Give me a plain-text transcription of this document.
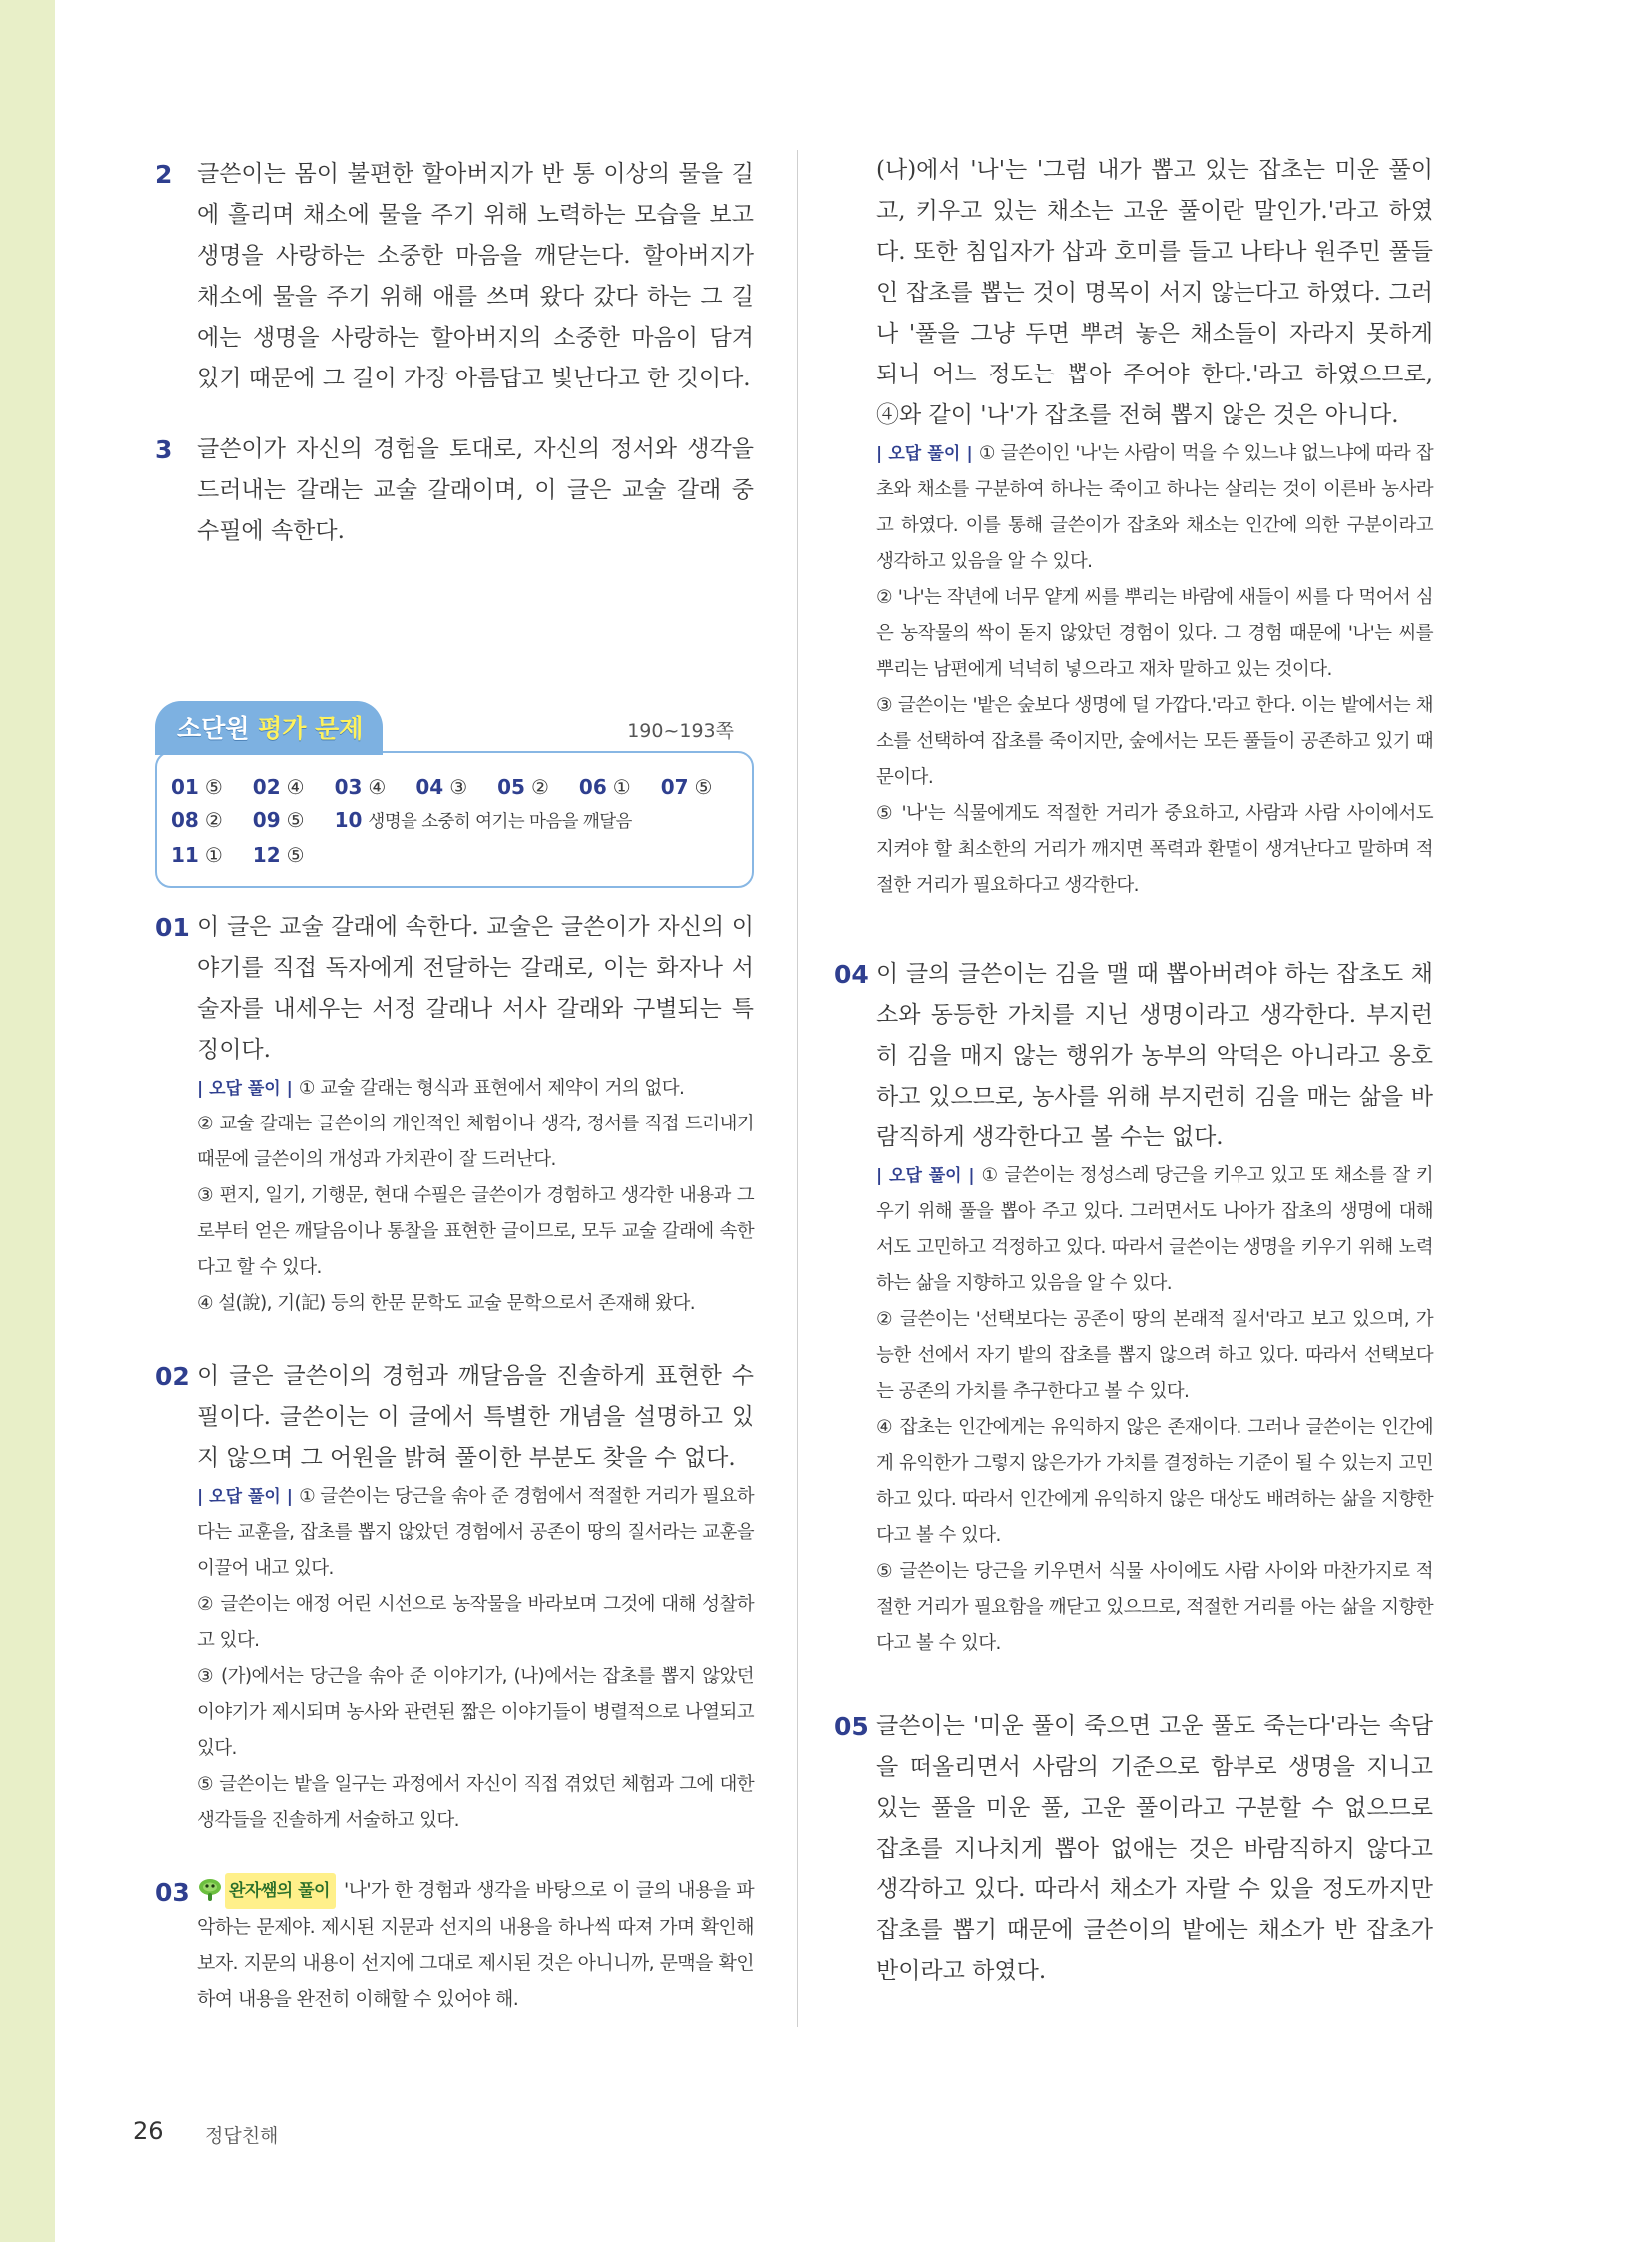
2 글쓴이는 몸이 불편한 할아버지가 반 통 이상의 물을 길에 흘리며 채소에 물을 주기 위해 노력하는 모습을 보고 생명을 사랑하는 소중한 마음을 깨닫는다. 할아버지가 채소에 물을 주기 위해 애를 쓰며 왔다 갔다 하는 그 길에는 생명을 사랑하는 할아버지의 소중한 마음이 담겨 있기 때문에 그 길이 가장 아름답고 빛난다고 한 것이다.

3 글쓴이가 자신의 경험을 토대로, 자신의 정서와 생각을 드러내는 갈래는 교술 갈래이며, 이 글은 교술 갈래 중 수필에 속한다.

소단원 평가 문제	190~193쪽
01 ⑤ 02 ④ 03 ④ 04 ③ 05 ② 06 ① 07 ⑤
08 ② 09 ⑤ 10 생명을 소중히 여기는 마음을 깨달음
11 ① 12 ⑤
01 이 글은 교술 갈래에 속한다. 교술은 글쓴이가 자신의 이야기를 직접 독자에게 전달하는 갈래로, 이는 화자나 서술자를 내세우는 서정 갈래나 서사 갈래와 구별되는 특징이다.

| 오답 풀이 | ① 교술 갈래는 형식과 표현에서 제약이 거의 없다.

② 교술 갈래는 글쓴이의 개인적인 체험이나 생각, 정서를 직접 드러내기 때문에 글쓴이의 개성과 가치관이 잘 드러난다.

③ 편지, 일기, 기행문, 현대 수필은 글쓴이가 경험하고 생각한 내용과 그로부터 얻은 깨달음이나 통찰을 표현한 글이므로, 모두 교술 갈래에 속한다고 할 수 있다.

④ 설(說), 기(記) 등의 한문 문학도 교술 문학으로서 존재해 왔다.

02 이 글은 글쓴이의 경험과 깨달음을 진솔하게 표현한 수필이다. 글쓴이는 이 글에서 특별한 개념을 설명하고 있지 않으며 그 어원을 밝혀 풀이한 부분도 찾을 수 없다.

| 오답 풀이 | ① 글쓴이는 당근을 솎아 준 경험에서 적절한 거리가 필요하다는 교훈을, 잡초를 뽑지 않았던 경험에서 공존이 땅의 질서라는 교훈을 이끌어 내고 있다.

② 글쓴이는 애정 어린 시선으로 농작물을 바라보며 그것에 대해 성찰하고 있다.

③ (가)에서는 당근을 솎아 준 이야기가, (나)에서는 잡초를 뽑지 않았던 이야기가 제시되며 농사와 관련된 짧은 이야기들이 병렬적으로 나열되고 있다.

⑤ 글쓴이는 밭을 일구는 과정에서 자신이 직접 겪었던 체험과 그에 대한 생각들을 진솔하게 서술하고 있다.

03	완자쌤의 풀이 '나'가 한 경험과 생각을 바탕으로 이 글의 내용을 파악하는 문제야. 제시된 지문과 선지의 내용을 하나씩 따져 가며 확인해 보자. 지문의 내용이 선지에 그대로 제시된 것은 아니니까, 문맥을 확인하여 내용을 완전히 이해할 수 있어야 해.

(나)에서 '나'는 '그럼 내가 뽑고 있는 잡초는 미운 풀이고, 키우고 있는 채소는 고운 풀이란 말인가.'라고 하였다. 또한 침입자가 삽과 호미를 들고 나타나 원주민 풀들인 잡초를 뽑는 것이 명목이 서지 않는다고 하였다. 그러나 '풀을 그냥 두면 뿌려 놓은 채소들이 자라지 못하게 되니 어느 정도는 뽑아 주어야 한다.'라고 하였으므로, ④와 같이 '나'가 잡초를 전혀 뽑지 않은 것은 아니다.

| 오답 풀이 | ① 글쓴이인 '나'는 사람이 먹을 수 있느냐 없느냐에 따라 잡초와 채소를 구분하여 하나는 죽이고 하나는 살리는 것이 이른바 농사라고 하였다. 이를 통해 글쓴이가 잡초와 채소는 인간에 의한 구분이라고 생각하고 있음을 알 수 있다.

② '나'는 작년에 너무 얕게 씨를 뿌리는 바람에 새들이 씨를 다 먹어서 심은 농작물의 싹이 돋지 않았던 경험이 있다. 그 경험 때문에 '나'는 씨를 뿌리는 남편에게 넉넉히 넣으라고 재차 말하고 있는 것이다.

③ 글쓴이는 '밭은 숲보다 생명에 덜 가깝다.'라고 한다. 이는 밭에서는 채소를 선택하여 잡초를 죽이지만, 숲에서는 모든 풀들이 공존하고 있기 때문이다.

⑤ '나'는 식물에게도 적절한 거리가 중요하고, 사람과 사람 사이에서도 지켜야 할 최소한의 거리가 깨지면 폭력과 환멸이 생겨난다고 말하며 적절한 거리가 필요하다고 생각한다.

04 이 글의 글쓴이는 김을 맬 때 뽑아버려야 하는 잡초도 채소와 동등한 가치를 지닌 생명이라고 생각한다. 부지런히 김을 매지 않는 행위가 농부의 악덕은 아니라고 옹호하고 있으므로, 농사를 위해 부지런히 김을 매는 삶을 바람직하게 생각한다고 볼 수는 없다.

| 오답 풀이 | ① 글쓴이는 정성스레 당근을 키우고 있고 또 채소를 잘 키우기 위해 풀을 뽑아 주고 있다. 그러면서도 나아가 잡초의 생명에 대해서도 고민하고 걱정하고 있다. 따라서 글쓴이는 생명을 키우기 위해 노력하는 삶을 지향하고 있음을 알 수 있다.

② 글쓴이는 '선택보다는 공존이 땅의 본래적 질서'라고 보고 있으며, 가능한 선에서 자기 밭의 잡초를 뽑지 않으려 하고 있다. 따라서 선택보다는 공존의 가치를 추구한다고 볼 수 있다.

④ 잡초는 인간에게는 유익하지 않은 존재이다. 그러나 글쓴이는 인간에게 유익한가 그렇지 않은가가 가치를 결정하는 기준이 될 수 있는지 고민하고 있다. 따라서 인간에게 유익하지 않은 대상도 배려하는 삶을 지향한다고 볼 수 있다.

⑤ 글쓴이는 당근을 키우면서 식물 사이에도 사람 사이와 마찬가지로 적절한 거리가 필요함을 깨닫고 있으므로, 적절한 거리를 아는 삶을 지향한다고 볼 수 있다.

05 글쓴이는 '미운 풀이 죽으면 고운 풀도 죽는다'라는 속담을 떠올리면서 사람의 기준으로 함부로 생명을 지니고 있는 풀을 미운 풀, 고운 풀이라고 구분할 수 없으므로 잡초를 지나치게 뽑아 없애는 것은 바람직하지 않다고 생각하고 있다. 따라서 채소가 자랄 수 있을 정도까지만 잡초를 뽑기 때문에 글쓴이의 밭에는 채소가 반 잡초가 반이라고 하였다.

26 정답친해
